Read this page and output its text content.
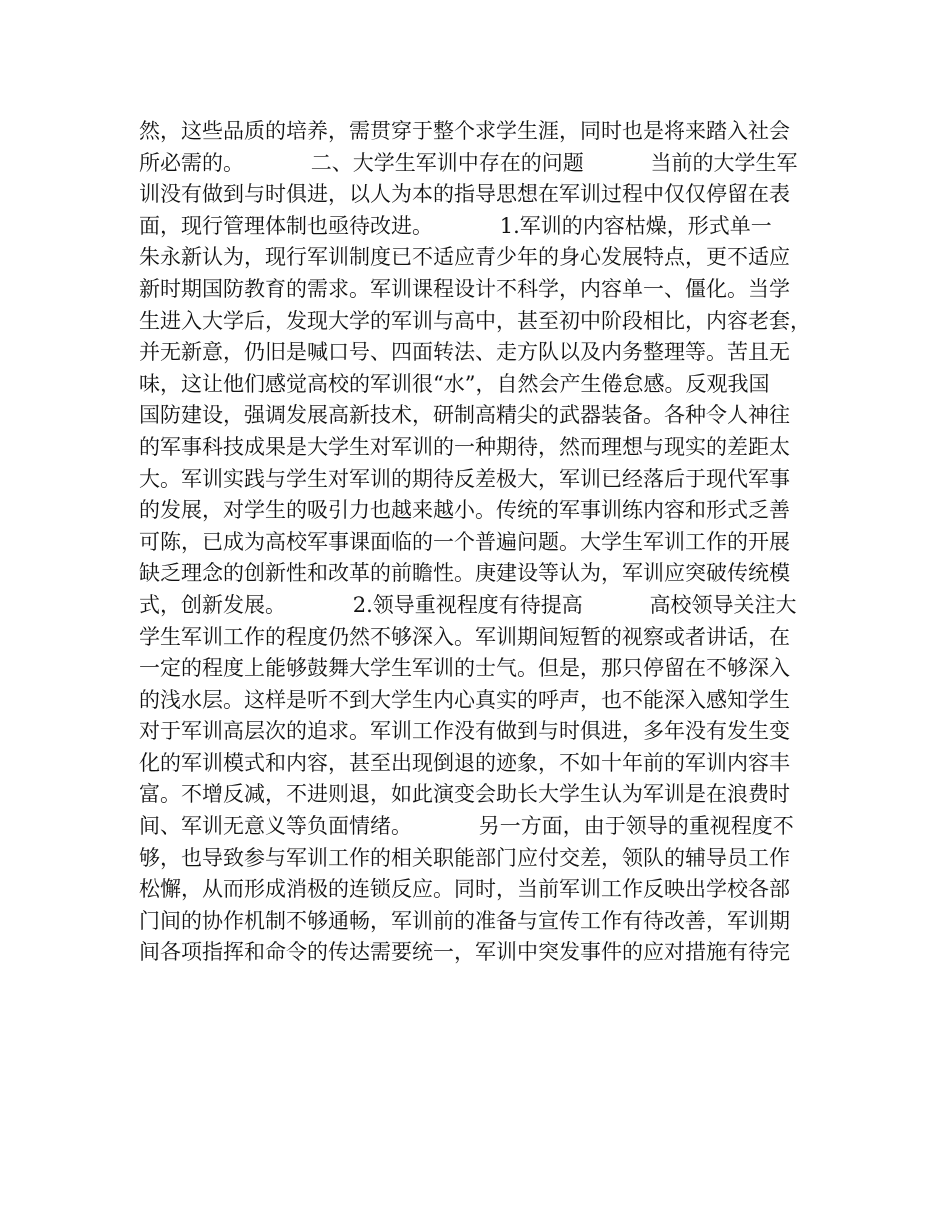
然，这些品质的培养，需贯穿于整个求学生涯，同时也是将来踏入社会
所必需的。          二、大学生军训中存在的问题          当前的大学生军
训没有做到与时俱进，以人为本的指导思想在军训过程中仅仅停留在表
面，现行管理体制也亟待改进。          1.军训的内容枯燥，形式单一
朱永新认为，现行军训制度已不适应青少年的身心发展特点，更不适应
新时期国防教育的需求。军训课程设计不科学，内容单一、僵化。当学
生进入大学后，发现大学的军训与高中，甚至初中阶段相比，内容老套，
并无新意，仍旧是喊口号、四面转法、走方队以及内务整理等。苦且无
味，这让他们感觉高校的军训很“水”，自然会产生倦怠感。反观我国
国防建设，强调发展高新技术，研制高精尖的武器装备。各种令人神往
的军事科技成果是大学生对军训的一种期待，然而理想与现实的差距太
大。军训实践与学生对军训的期待反差极大，军训已经落后于现代军事
的发展，对学生的吸引力也越来越小。传统的军事训练内容和形式乏善
可陈，已成为高校军事课面临的一个普遍问题。大学生军训工作的开展
缺乏理念的创新性和改革的前瞻性。庚建设等认为，军训应突破传统模
式，创新发展。          2.领导重视程度有待提高          高校领导关注大
学生军训工作的程度仍然不够深入。军训期间短暂的视察或者讲话，在
一定的程度上能够鼓舞大学生军训的士气。但是，那只停留在不够深入
的浅水层。这样是听不到大学生内心真实的呼声，也不能深入感知学生
对于军训高层次的追求。军训工作没有做到与时俱进，多年没有发生变
化的军训模式和内容，甚至出现倒退的迹象，不如十年前的军训内容丰
富。不增反减，不进则退，如此演变会助长大学生认为军训是在浪费时
间、军训无意义等负面情绪。          另一方面，由于领导的重视程度不
够，也导致参与军训工作的相关职能部门应付交差，领队的辅导员工作
松懈，从而形成消极的连锁反应。同时，当前军训工作反映出学校各部
门间的协作机制不够通畅，军训前的准备与宣传工作有待改善，军训期
间各项指挥和命令的传达需要统一，军训中突发事件的应对措施有待完
